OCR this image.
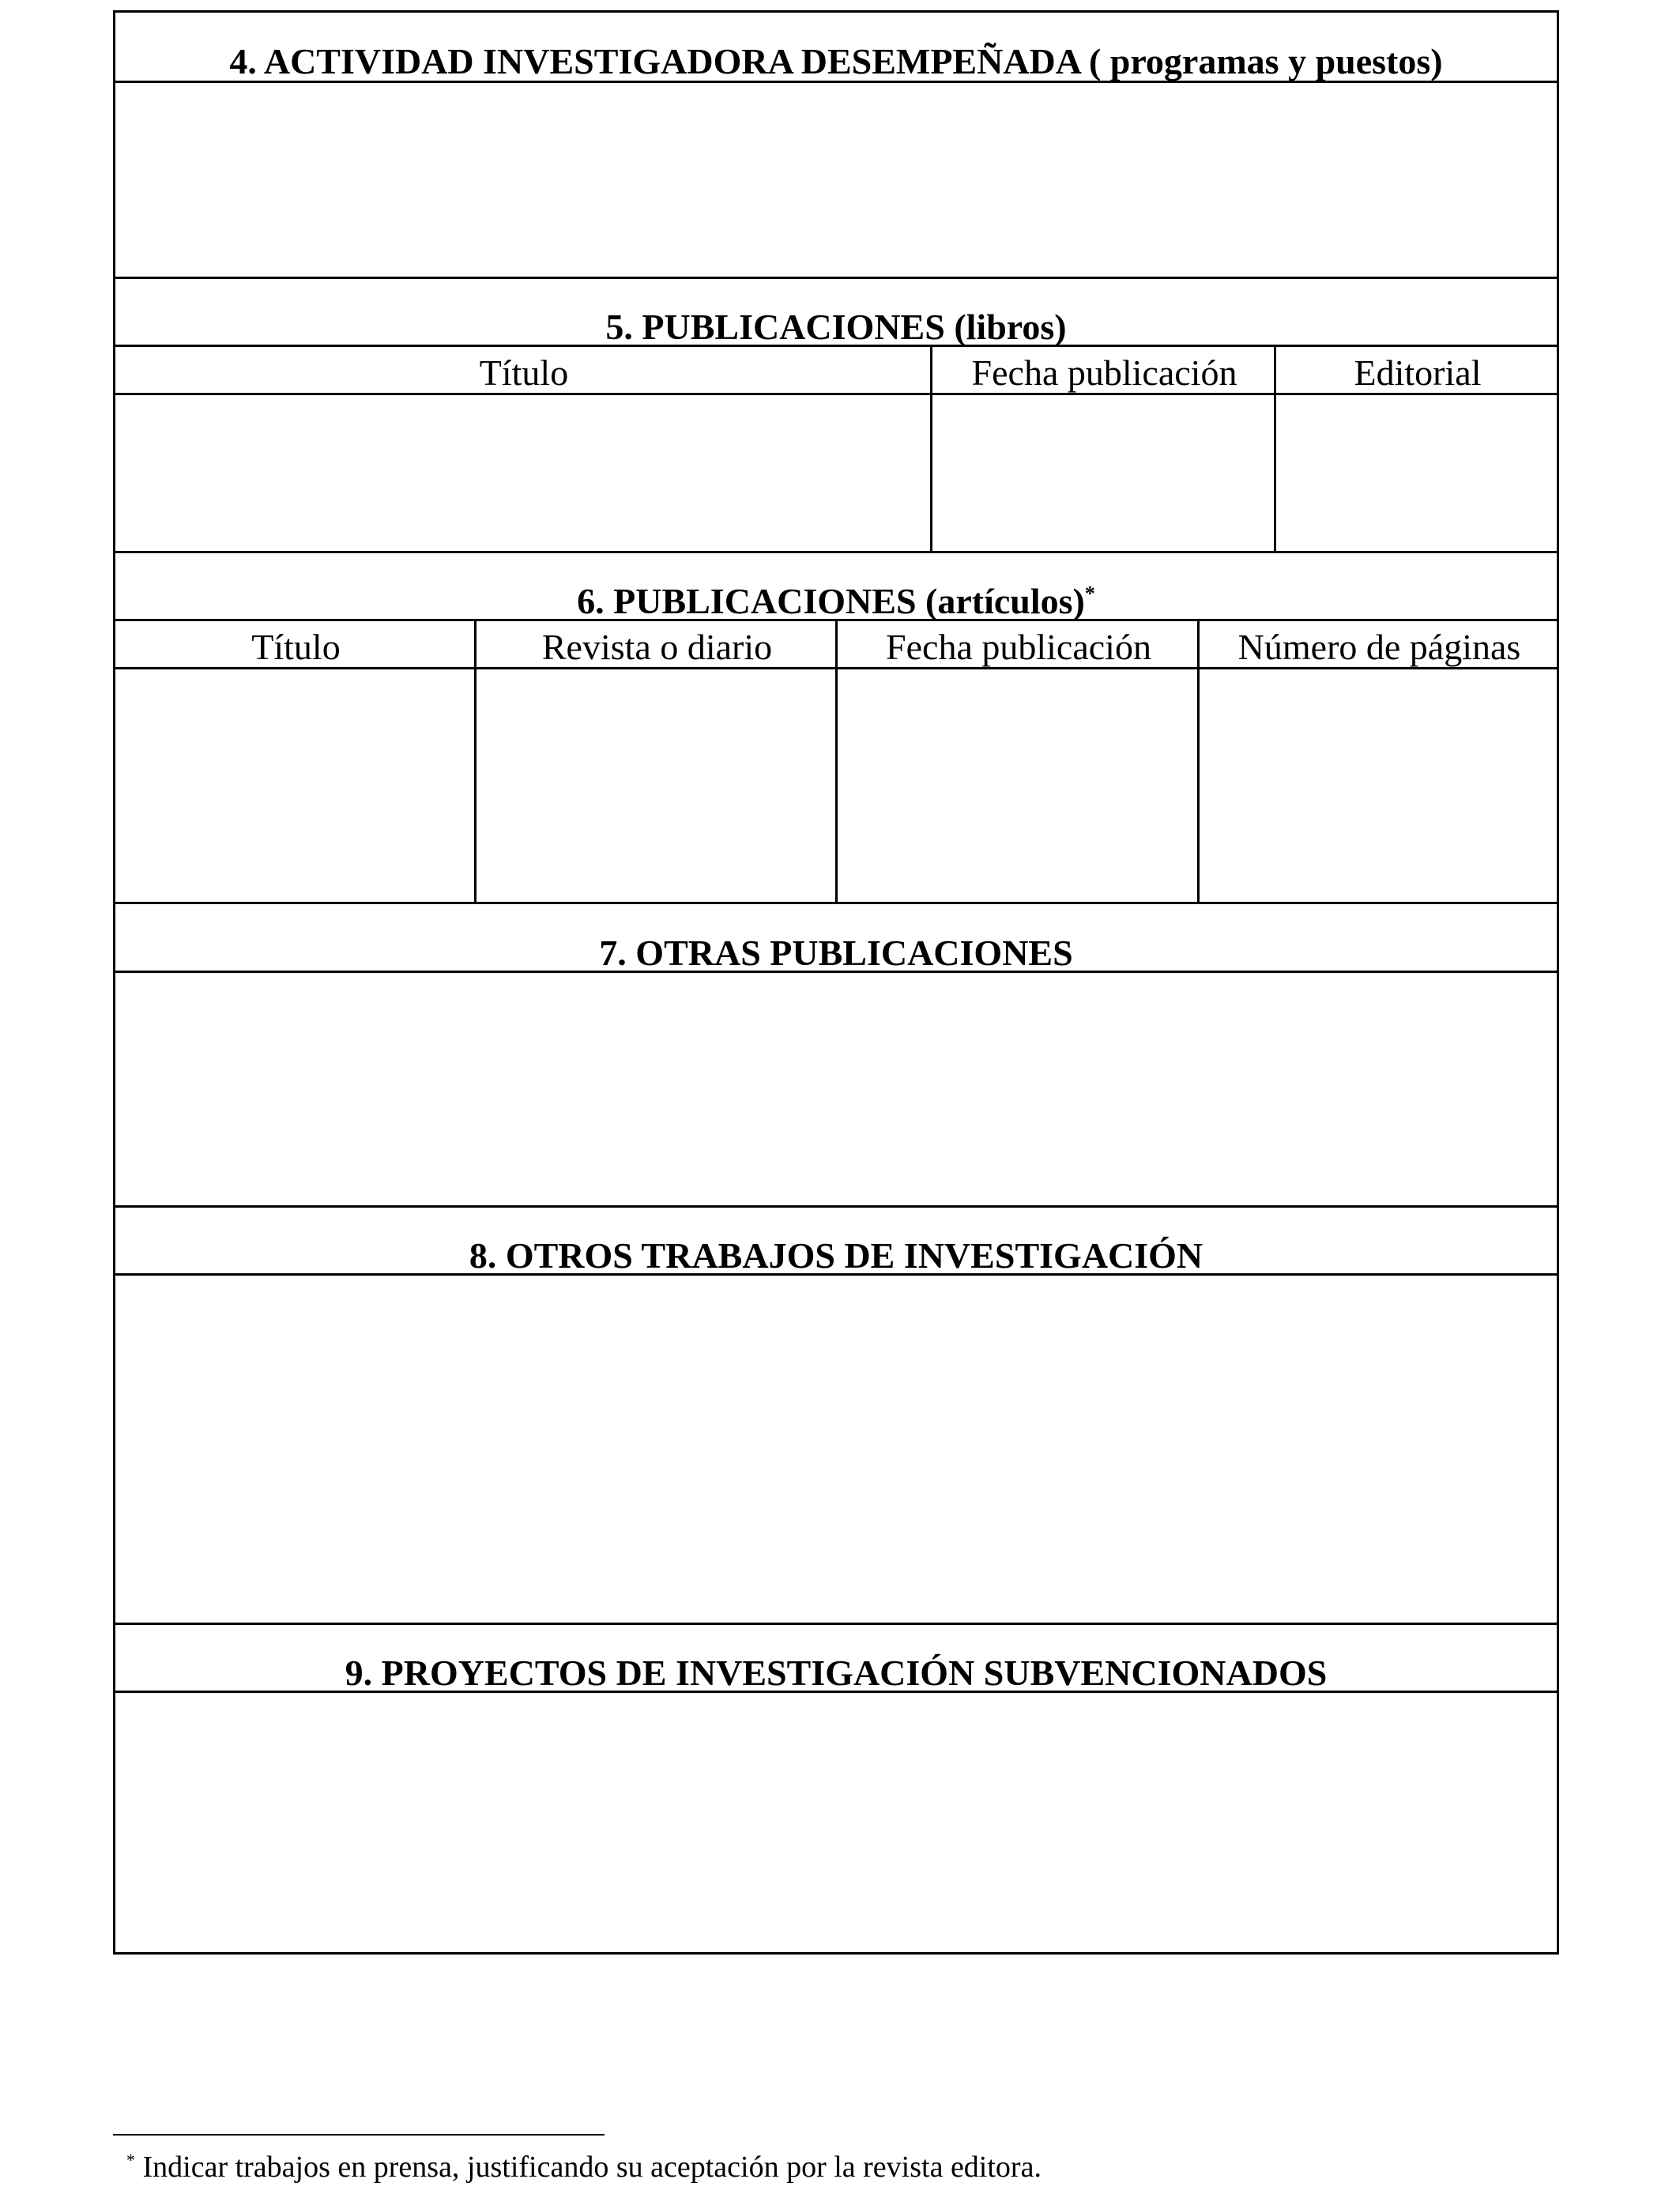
4. ACTIVIDAD INVESTIGADORA DESEMPEÑADA ( programas y puestos)
5. PUBLICACIONES (libros)
Título	Fecha publicación	Editorial
6. PUBLICACIONES (artículos)*
Título	Revista o diario	Fecha publicación	Número de páginas
7. OTRAS PUBLICACIONES
8. OTROS TRABAJOS DE INVESTIGACIÓN
9. PROYECTOS DE INVESTIGACIÓN SUBVENCIONADOS
* Indicar trabajos en prensa, justificando su aceptación por la revista editora.
